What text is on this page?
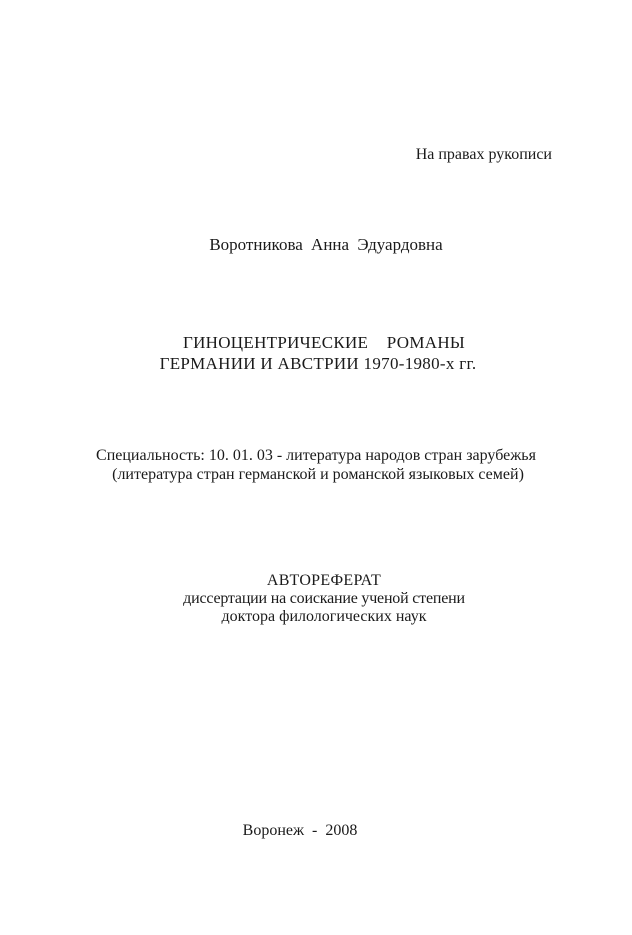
На правах рукописи
Воротникова Анна Эдуардовна
ГИНОЦЕНТРИЧЕСКИЕ РОМАНЫ
ГЕРМАНИИ И АВСТРИИ 1970-1980-х гг.
Специальность: 10. 01. 03 - литература народов стран зарубежья
(литература стран германской и романской языковых семей)
АВТОРЕФЕРАТ
диссертации на соискание ученой степени
доктора филологических наук
Воронеж - 2008
